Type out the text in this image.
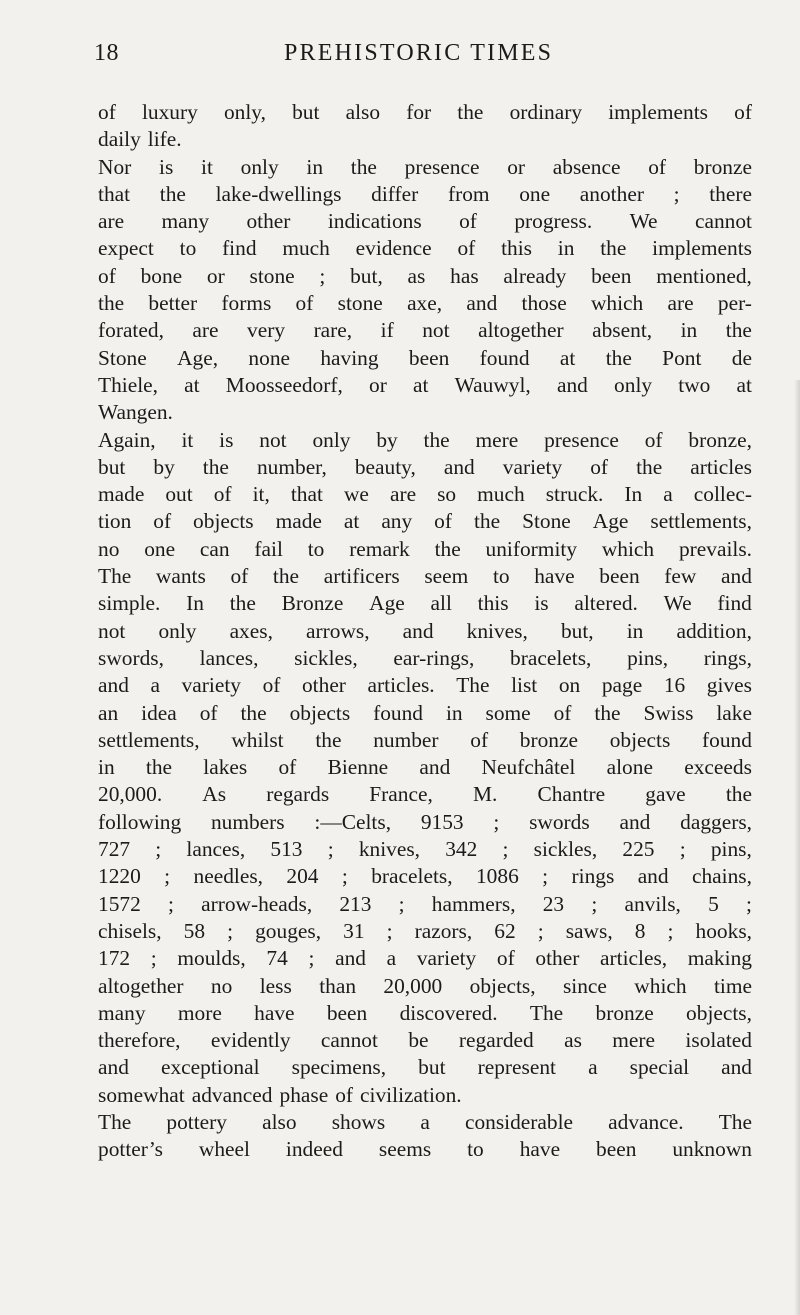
18	PREHISTORIC TIMES
of luxury only, but also for the ordinary implements of
daily life.
Nor is it only in the presence or absence of bronze
that the lake-dwellings differ from one another ; there
are many other indications of progress. We cannot
expect to find much evidence of this in the implements
of bone or stone ; but, as has already been mentioned,
the better forms of stone axe, and those which are per-
forated, are very rare, if not altogether absent, in the
Stone Age, none having been found at the Pont de
Thiele, at Moosseedorf, or at Wauwyl, and only two at
Wangen.
Again, it is not only by the mere presence of bronze,
but by the number, beauty, and variety of the articles
made out of it, that we are so much struck. In a collec-
tion of objects made at any of the Stone Age settlements,
no one can fail to remark the uniformity which prevails.
The wants of the artificers seem to have been few and
simple. In the Bronze Age all this is altered. We find
not only axes, arrows, and knives, but, in addition,
swords, lances, sickles, ear-rings, bracelets, pins, rings,
and a variety of other articles. The list on page 16 gives
an idea of the objects found in some of the Swiss lake
settlements, whilst the number of bronze objects found
in the lakes of Bienne and Neufchâtel alone exceeds
20,000. As regards France, M. Chantre gave the
following numbers :—Celts, 9153 ; swords and daggers,
727 ; lances, 513 ; knives, 342 ; sickles, 225 ; pins,
1220 ; needles, 204 ; bracelets, 1086 ; rings and chains,
1572 ; arrow-heads, 213 ; hammers, 23 ; anvils, 5 ;
chisels, 58 ; gouges, 31 ; razors, 62 ; saws, 8 ; hooks,
172 ; moulds, 74 ; and a variety of other articles, making
altogether no less than 20,000 objects, since which time
many more have been discovered. The bronze objects,
therefore, evidently cannot be regarded as mere isolated
and exceptional specimens, but represent a special and
somewhat advanced phase of civilization.
The pottery also shows a considerable advance. The
potter’s wheel indeed seems to have been unknown
